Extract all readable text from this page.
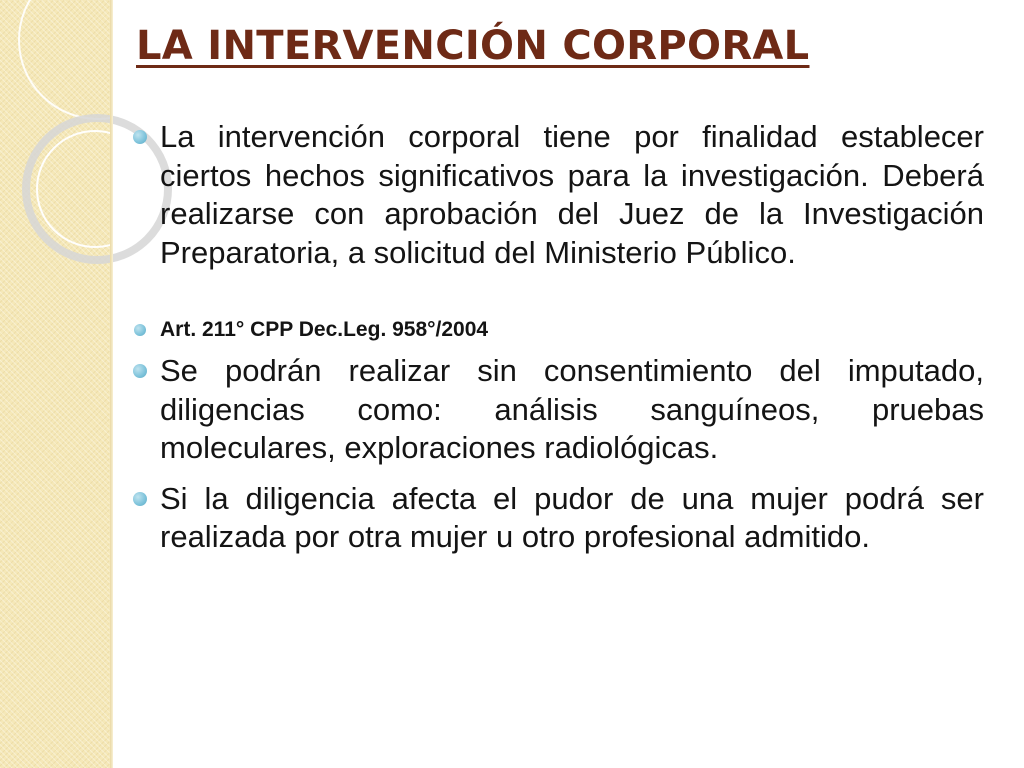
LA INTERVENCIÓN CORPORAL
La intervención corporal tiene por finalidad establecer ciertos hechos significativos para la investigación. Deberá realizarse con aprobación del Juez de la Investigación Preparatoria, a solicitud del Ministerio Público.
Art. 211° CPP Dec.Leg. 958°/2004
Se podrán realizar sin consentimiento del imputado, diligencias como: análisis sanguíneos, pruebas moleculares, exploraciones radiológicas.
Si la diligencia afecta el pudor de una mujer podrá ser realizada por otra mujer u otro profesional admitido.
